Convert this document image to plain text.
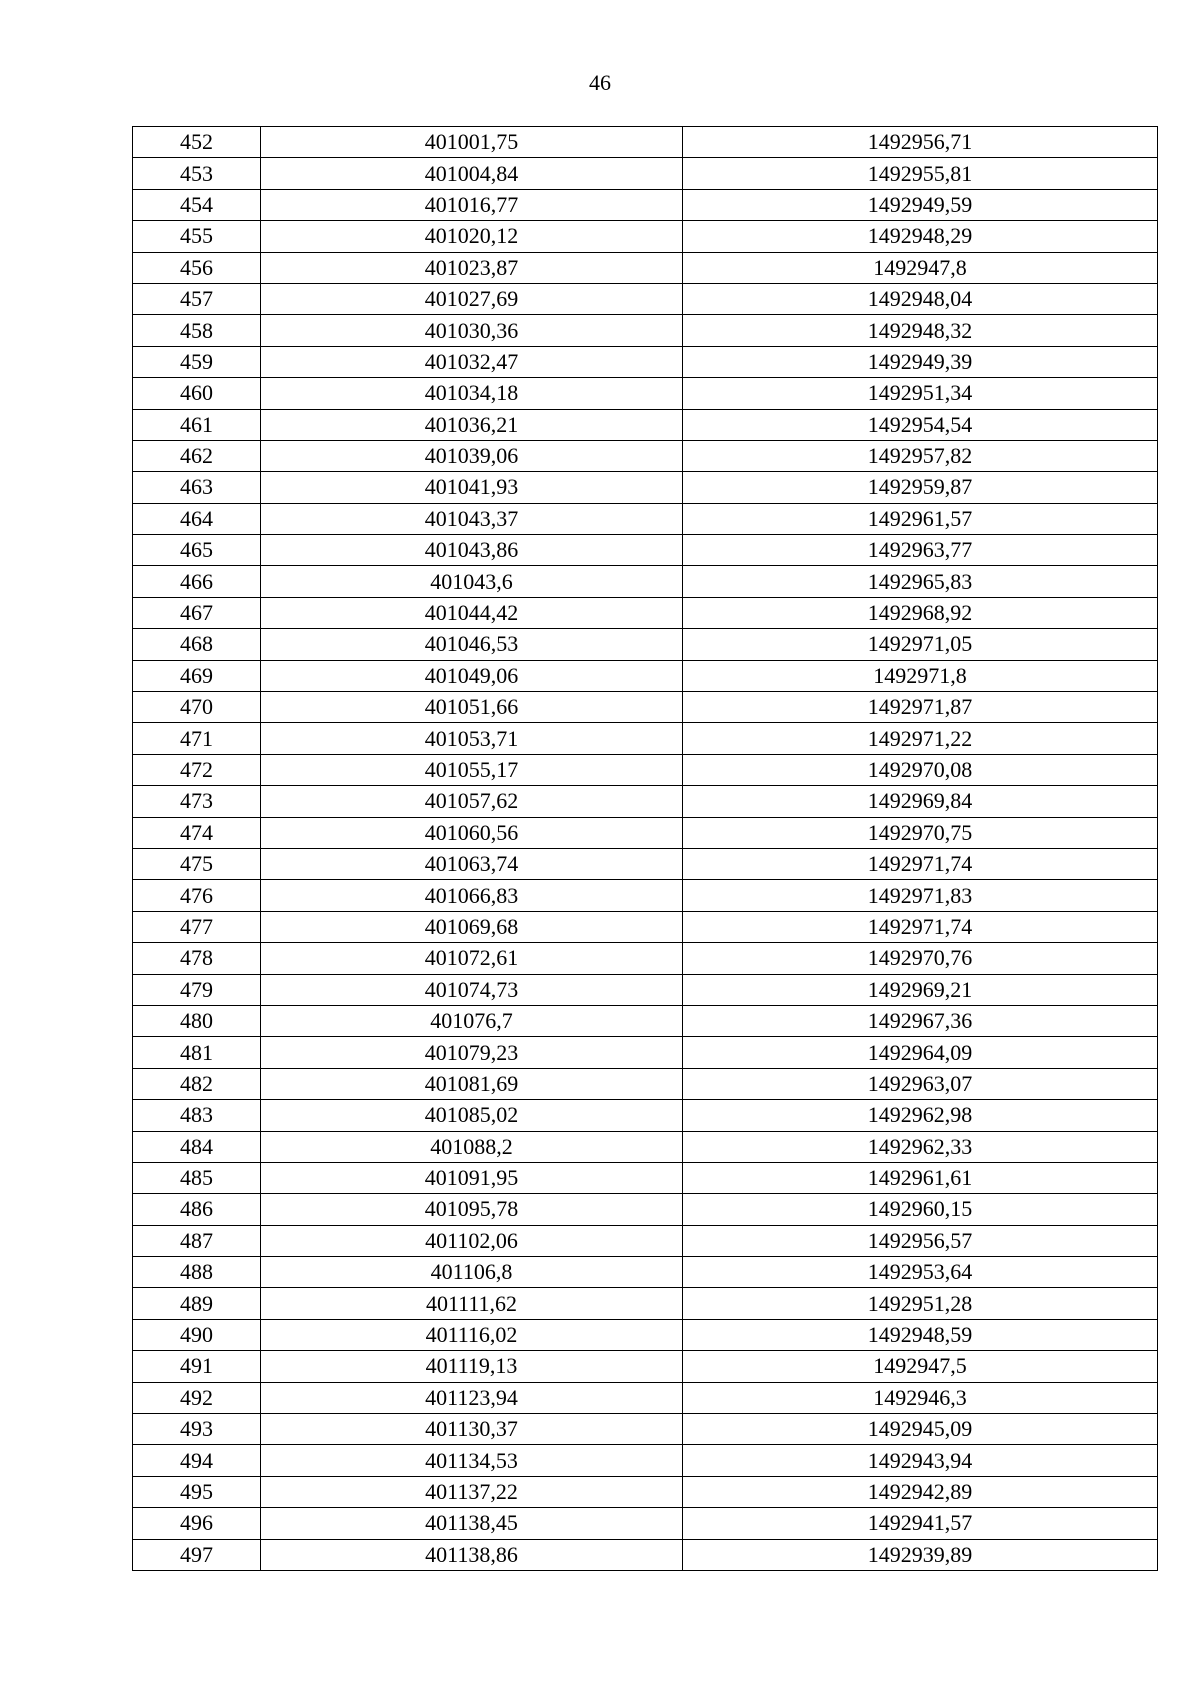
46
452	401001,75	1492956,71
453	401004,84	1492955,81
454	401016,77	1492949,59
455	401020,12	1492948,29
456	401023,87	1492947,8
457	401027,69	1492948,04
458	401030,36	1492948,32
459	401032,47	1492949,39
460	401034,18	1492951,34
461	401036,21	1492954,54
462	401039,06	1492957,82
463	401041,93	1492959,87
464	401043,37	1492961,57
465	401043,86	1492963,77
466	401043,6	1492965,83
467	401044,42	1492968,92
468	401046,53	1492971,05
469	401049,06	1492971,8
470	401051,66	1492971,87
471	401053,71	1492971,22
472	401055,17	1492970,08
473	401057,62	1492969,84
474	401060,56	1492970,75
475	401063,74	1492971,74
476	401066,83	1492971,83
477	401069,68	1492971,74
478	401072,61	1492970,76
479	401074,73	1492969,21
480	401076,7	1492967,36
481	401079,23	1492964,09
482	401081,69	1492963,07
483	401085,02	1492962,98
484	401088,2	1492962,33
485	401091,95	1492961,61
486	401095,78	1492960,15
487	401102,06	1492956,57
488	401106,8	1492953,64
489	401111,62	1492951,28
490	401116,02	1492948,59
491	401119,13	1492947,5
492	401123,94	1492946,3
493	401130,37	1492945,09
494	401134,53	1492943,94
495	401137,22	1492942,89
496	401138,45	1492941,57
497	401138,86	1492939,89
